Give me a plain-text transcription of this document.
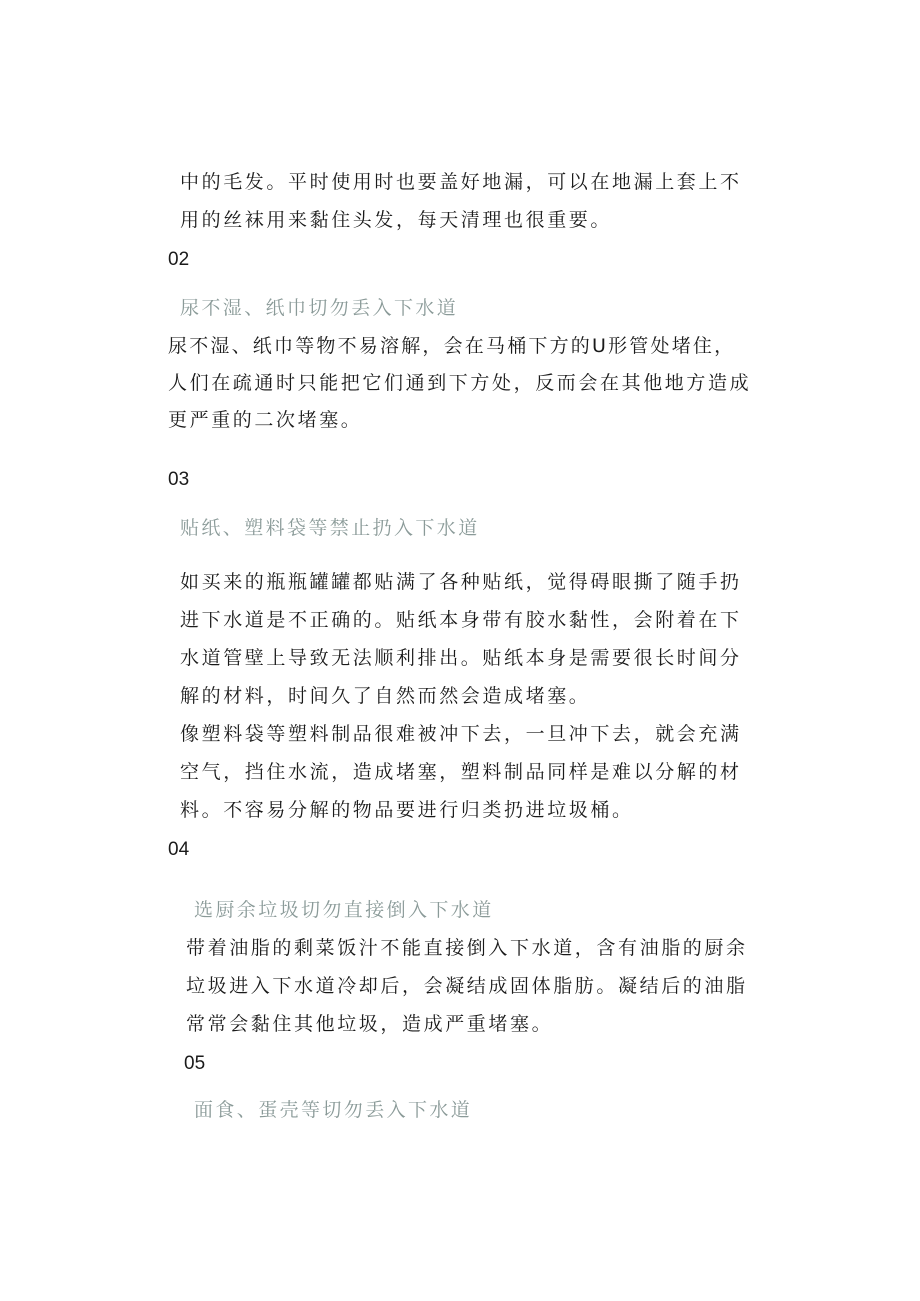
中的毛发。平时使用时也要盖好地漏，可以在地漏上套上不

用的丝袜用来黏住头发，每天清理也很重要。

02

尿不湿、纸巾切勿丢入下水道

尿不湿、纸巾等物不易溶解，会在马桶下方的U形管处堵住，

人们在疏通时只能把它们通到下方处，反而会在其他地方造成

更严重的二次堵塞。

03

贴纸、塑料袋等禁止扔入下水道

如买来的瓶瓶罐罐都贴满了各种贴纸，觉得碍眼撕了随手扔

进下水道是不正确的。贴纸本身带有胶水黏性，会附着在下

水道管壁上导致无法顺利排出。贴纸本身是需要很长时间分

解的材料，时间久了自然而然会造成堵塞。

像塑料袋等塑料制品很难被冲下去，一旦冲下去，就会充满

空气，挡住水流，造成堵塞，塑料制品同样是难以分解的材

料。不容易分解的物品要进行归类扔进垃圾桶。

04

选厨余垃圾切勿直接倒入下水道

带着油脂的剩菜饭汁不能直接倒入下水道，含有油脂的厨余

垃圾进入下水道冷却后，会凝结成固体脂肪。凝结后的油脂

常常会黏住其他垃圾，造成严重堵塞。

05

面食、蛋壳等切勿丢入下水道
